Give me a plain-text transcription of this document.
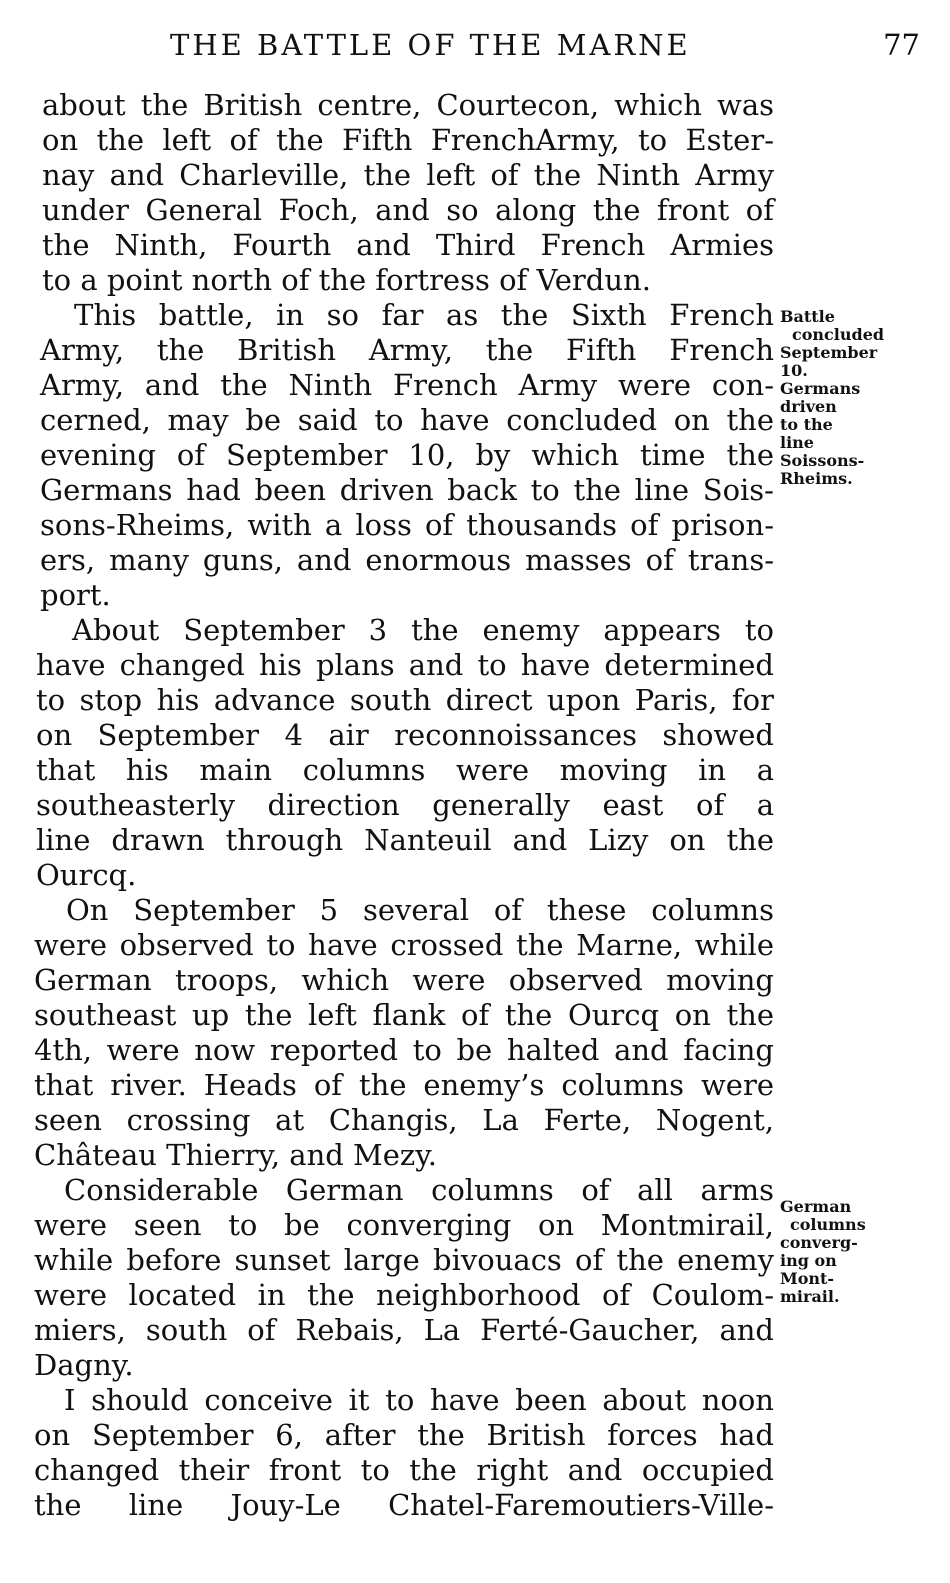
THE BATTLE OF THE MARNE	77
about the British centre, Courtecon, which was
on the left of the Fifth FrenchArmy, to Ester-
nay and Charleville, the left of the Ninth Army
under General Foch, and so along the front of
the Ninth, Fourth and Third French Armies
to a point north of the fortress of Verdun.
This battle, in so far as the Sixth French
Army, the British Army, the Fifth French
Army, and the Ninth French Army were con-
cerned, may be said to have concluded on the
evening of September 10, by which time the
Germans had been driven back to the line Sois-
sons-Rheims, with a loss of thousands of prison-
ers, many guns, and enormous masses of trans-
port.
About September 3 the enemy appears to
have changed his plans and to have determined
to stop his advance south direct upon Paris, for
on September 4 air reconnoissances showed
that his main columns were moving in a
southeasterly direction generally east of a
line drawn through Nanteuil and Lizy on the
Ourcq.
On September 5 several of these columns
were observed to have crossed the Marne, while
German troops, which were observed moving
southeast up the left flank of the Ourcq on the
4th, were now reported to be halted and facing
that river. Heads of the enemy’s columns were
seen crossing at Changis, La Ferte, Nogent,
Château Thierry, and Mezy.
Considerable German columns of all arms
were seen to be converging on Montmirail,
while before sunset large bivouacs of the enemy
were located in the neighborhood of Coulom-
miers, south of Rebais, La Ferté-Gaucher, and
Dagny.
I should conceive it to have been about noon
on September 6, after the British forces had
changed their front to the right and occupied
the line Jouy-Le Chatel-Faremoutiers-Ville-
Battle
concluded
September
10.
Germans
driven
to the
line
Soissons-
Rheims.
German
columns
converg-
ing on
Mont-
mirail.
